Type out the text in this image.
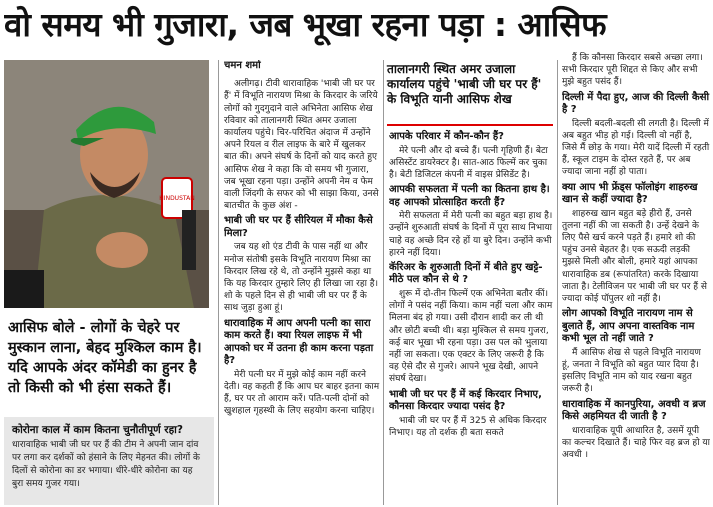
वो समय भी गुजारा, जब भूखा रहना पड़ा : आसिफ
HINDUSTAN
आसिफ बोले - लोगों के चेहरे पर मुस्कान लाना, बेहद मुश्किल काम है। यदि आपके अंदर कॉमेडी का हुनर है तो किसी को भी हंसा सकते हैं।
कोरोना काल में काम कितना चुनौतीपूर्ण रहा?
धारावाहिक भाबी जी घर पर हैं की टीम ने अपनी जान दांव पर लगा कर दर्शकों को हंसाने के लिए मेहनत की। लोगों के दिलों से कोरोना का डर भगाया। धीरे-धीरे कोरोना का यह बुरा समय गुजर गया।
चमन शर्मा

अलीगढ़। टीवी धारावाहिक 'भाबी जी घर पर हैं' में विभूति नारायण मिश्रा के किरदार के जरिये लोगों को गुदगुदाने वाले अभिनेता आसिफ शेख रविवार को तालानगरी स्थित अमर उजाला कार्यालय पहुंचे। चिर-परिचित अंदाज में उन्होंने अपने रियल व रील लाइफ के बारे में खुलकर बात की। अपने संघर्ष के दिनों को याद करते हुए आसिफ शेख ने कहा कि वो समय भी गुजारा, जब भूखा रहना पड़ा। उन्होंने अपनी नेम व फेम वाली जिंदगी के सफर को भी साझा किया, उनसे बातचीत के कुछ अंश -

भाबी जी घर पर हैं सीरियल में मौका कैसे मिला?

जब यह शो एंड टीवी के पास नहीं था और मनोज संतोषी इसके विभूति नारायण मिश्रा का किरदार लिख रहे थे, तो उन्होंने मुझसे कहा था कि यह किरदार तुम्हारे लिए ही लिखा जा रहा है। शो के पहले दिन से ही भाबी जी घर पर हैं के साथ जुड़ा हुआ हूं।

धारावाहिक में आप अपनी पत्नी का सारा काम करते हैं। क्या रियल लाइफ में भी आपको घर में उतना ही काम करना पड़ता है?

मेरी पत्नी घर में मुझे कोई काम नहीं करने देती। वह कहती हैं कि आप घर बाहर इतना काम हैं, घर पर तो आराम करें। पति-पत्नी दोनों को खुशहाल गृहस्थी के लिए सहयोग करना चाहिए।

तालानगरी स्थित अमर उजाला कार्यालय पहुंचे 'भाबी जी घर पर हैं' के विभूति यानी आसिफ शेख
आपके परिवार में कौन-कौन हैं?

मेरे पत्नी और दो बच्चे हैं। पत्नी गृहिणी हैं। बेटा असिस्टेंट डायरेक्टर है। सात-आठ फिल्में कर चुका है। बेटी डिजिटल कंपनी में वाइस प्रेसिडेंट है।

आपकी सफलता में पत्नी का कितना हाथ है। वह आपको प्रोत्साहित करती हैं?

मेरी सफलता में मेरी पत्नी का बहुत बड़ा हाथ है। उन्होंने शुरुआती संघर्ष के दिनों में पूरा साथ निभाया चाहे वह अच्छे दिन रहे हों या बुरे दिन। उन्होंने कभी हारने नहीं दिया।

कॅरिअर के शुरुआती दिनों में बीते हुए खट्टे-मीठे पल कौन से थे ?

शुरू में दो-तीन फिल्में एक अभिनेता बतौर कीं। लोगों ने पसंद नहीं किया। काम नहीं चला और काम मिलना बंद हो गया। उसी दौरान शादी कर ली थी और छोटी बच्ची थी। बड़ा मुश्किल से समय गुजरा, कई बार भूखा भी रहना पड़ा। उस पल को भुलाया नहीं जा सकता। एक एक्टर के लिए जरूरी है कि वह ऐसे दौर से गुजरे। आपने भूख देखी, आपने संघर्ष देखा।

भाबी जी घर पर हैं में कई किरदार निभाए, कौनसा किरदार ज्यादा पसंद है?

भाबी जी घर पर हैं में 325 से अधिक किरदार निभाए। यह तो दर्शक ही बता सकते

हैं कि कौनसा किरदार सबसे अच्छा लगा। सभी किरदार पूरी शिद्दत से किए और सभी मुझे बहुत पसंद हैं।

दिल्ली में पैदा हुए, आज की दिल्ली कैसी है ?

दिल्ली बदली-बदली सी लगती है। दिल्ली में अब बहुत भीड़ हो गई। दिल्ली वो नहीं है, जिसे मैं छोड़ के गया। मेरी यादें दिल्ली में रहती हैं, स्कूल टाइम के दोस्त रहते हैं, पर अब ज्यादा जाना नहीं हो पाता।

क्या आप भी फ्रेंड्स फॉलोइंग शाहरुख खान से कहीं ज्यादा है?

शाहरुख खान बहुत बड़े हीरो हैं, उनसे तुलना नहीं की जा सकती है। उन्हें देखने के लिए पैसे खर्च करने पड़ते हैं। हमारे शो की पहुंच उनसे बेहतर है। एक सऊदी लड़की मुझसे मिली और बोली, हमारे यहां आपका धारावाहिक डब (रूपांतरित) करके दिखाया जाता है। टेलीविजन पर भाबी जी घर पर हैं से ज्यादा कोई पॉपुलर शो नहीं है।

लोग आपको विभूति नारायण नाम से बुलाते हैं, आप अपना वास्तविक नाम कभी भूल तो नहीं जाते ?

मैं आसिफ शेख से पहले विभूति नारायण हूं, जनता ने विभूति को बहुत प्यार दिया है। इसलिए विभूति नाम को याद रखना बहुत जरूरी है।

धारावाहिक में कानपुरिया, अवधी व ब्रज किसे अहमियत दी जाती है ?

धारावाहिक यूपी आधारित है, उसमें यूपी का कल्चर दिखाते हैं। चाहे फिर वह ब्रज हो या अवधी ।
